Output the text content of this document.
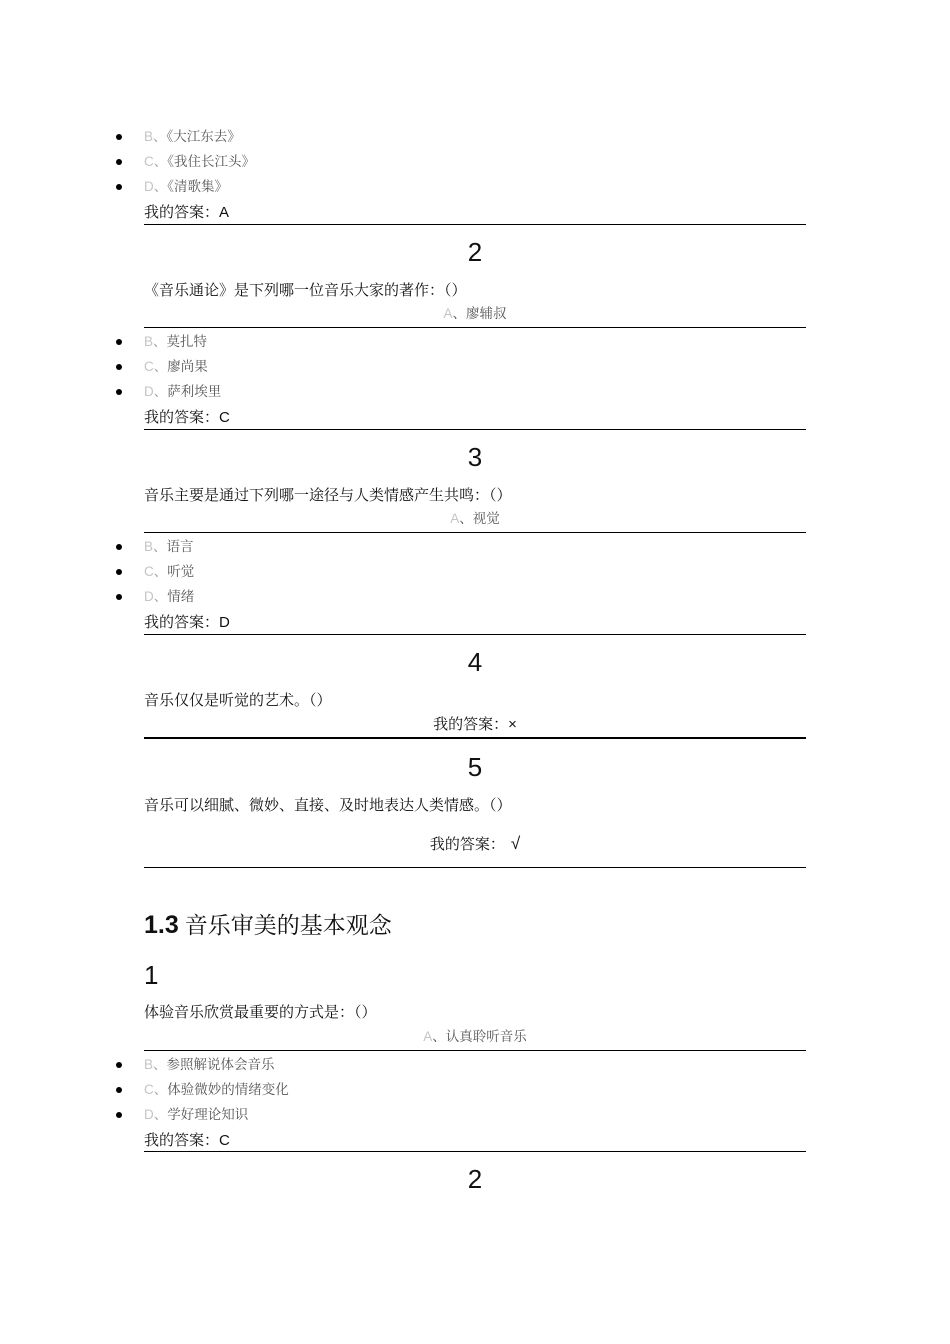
B、《大江东去》
C、《我住长江头》
D、《清歌集》
我的答案：A
2
《音乐通论》是下列哪一位音乐大家的著作：（）
A、廖辅叔
B、莫扎特
C、廖尚果
D、萨利埃里
我的答案：C
3
音乐主要是通过下列哪一途径与人类情感产生共鸣：（）
A、视觉
B、语言
C、听觉
D、情绪
我的答案：D
4
音乐仅仅是听觉的艺术。（）
我的答案：×
5
音乐可以细腻、微妙、直接、及时地表达人类情感。（）
我的答案： √
1.3 音乐审美的基本观念
1
体验音乐欣赏最重要的方式是：（）
A、认真聆听音乐
B、参照解说体会音乐
C、体验微妙的情绪变化
D、学好理论知识
我的答案：C
2
